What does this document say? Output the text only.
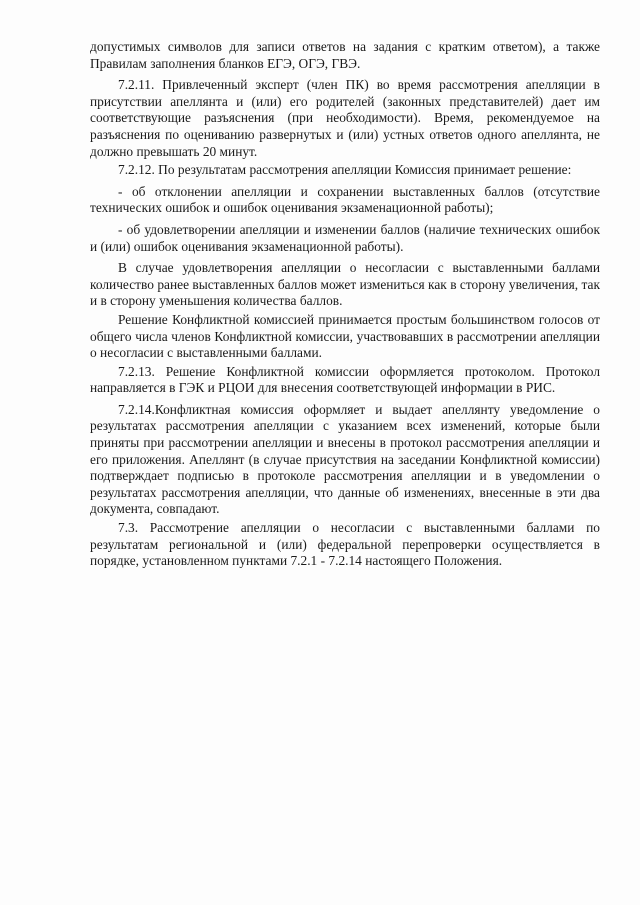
допустимых символов для записи ответов на задания с кратким ответом), а также Правилам заполнения бланков ЕГЭ, ОГЭ, ГВЭ.

7.2.11. Привлеченный эксперт (член ПК) во время рассмотрения апелляции в присутствии апеллянта и (или) его родителей (законных представителей) дает им соответствующие разъяснения (при необходимости). Время, рекомендуемое на разъяснения по оцениванию развернутых и (или) устных ответов одного апеллянта, не должно превышать 20 минут.

7.2.12. По результатам рассмотрения апелляции Комиссия принимает решение:

- об отклонении апелляции и сохранении выставленных баллов (отсутствие технических ошибок и ошибок оценивания экзаменационной работы);

- об удовлетворении апелляции и изменении баллов (наличие технических ошибок и (или) ошибок оценивания экзаменационной работы).

В случае удовлетворения апелляции о несогласии с выставленными баллами количество ранее выставленных баллов может измениться как в сторону увеличения, так и в сторону уменьшения количества баллов.

Решение Конфликтной комиссией принимается простым большинством голосов от общего числа членов Конфликтной комиссии, участвовавших в рассмотрении апелляции о несогласии с выставленными баллами.

7.2.13. Решение Конфликтной комиссии оформляется протоколом. Протокол направляется в ГЭК и РЦОИ для внесения соответствующей информации в РИС.

7.2.14.Конфликтная комиссия оформляет и выдает апеллянту уведомление о результатах рассмотрения апелляции с указанием всех изменений, которые были приняты при рассмотрении апелляции и внесены в протокол рассмотрения апелляции и его приложения. Апеллянт (в случае присутствия на заседании Конфликтной комиссии) подтверждает подписью в протоколе рассмотрения апелляции и в уведомлении о результатах рассмотрения апелляции, что данные об изменениях, внесенные в эти два документа, совпадают.

7.3. Рассмотрение апелляции о несогласии с выставленными баллами по результатам региональной и (или) федеральной перепроверки осуществляется в порядке, установленном пунктами 7.2.1 - 7.2.14 настоящего Положения.
